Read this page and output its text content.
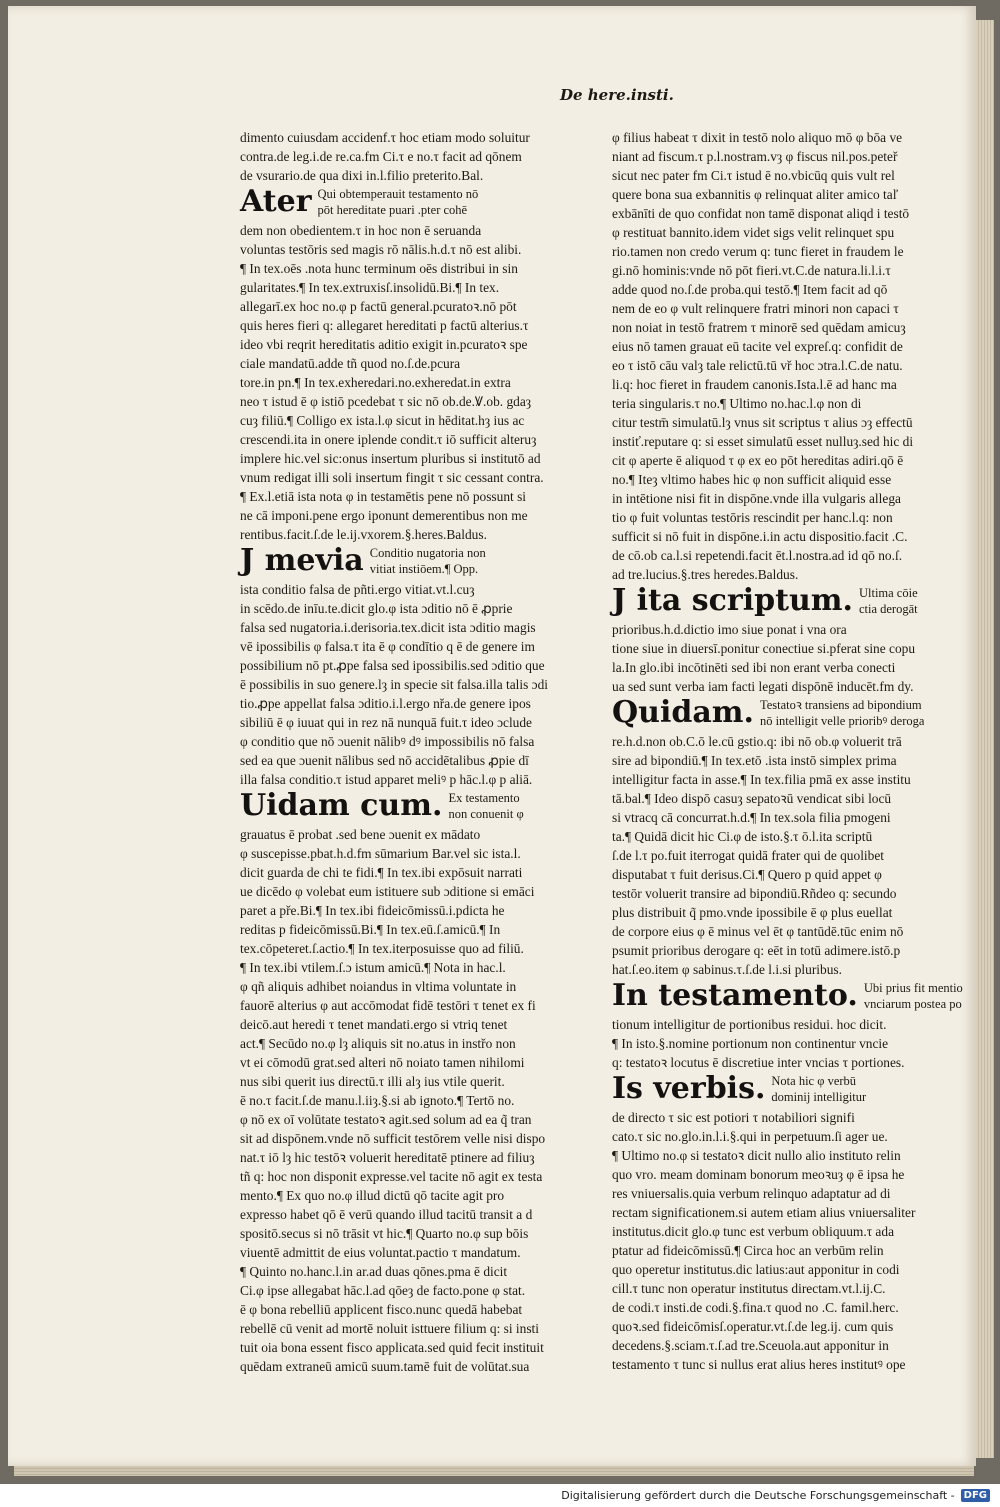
De here.insti.
dimento cuiusdam accidenf.τ hoc etiam modo soluitur
contra.de leg.i.de re.ca.fm Ci.τ e no.τ facit ad qōnem
de vsurario.de qua dixi in.l.filio preterito.Bal.
Ater Qui obtemperauit testamento nō
pōt hereditate puari .pter cohē
dem non obedientem.τ in hoc non ē seruanda
voluntas testōris sed magis rō nālis.h.d.τ nō est alibi.
¶ In tex.oēs .nota hunc terminum oēs distribui in sin
gularitates.¶ In tex.extruxisſ.insolidū.Bi.¶ In tex.
allegarī.ex hoc no.φ p factū general.pcuratoꝛ.nō pōt
quis heres fieri q: allegaret hereditati p factū alterius.τ
ideo vbi reqrit hereditatis aditio exigit in.pcuratoꝛ spe
ciale mandatū.adde tñ quod no.ſ.de.pcura
tore.in pn.¶ In tex.exheredari.no.exheredat.in extra
neo τ istud ē φ istiō pcedebat τ sic nō ob.de.Ꝟ.ob. gdaȝ
cuȝ filiū.¶ Colligo ex ista.l.φ sicut in hēditat.hȝ ius ac
crescendi.ita in onere iplende condit.τ iō sufficit alteruȝ
implere hic.vel sic:onus insertum pluribus si institutō ad
vnum redigat illi soli insertum fingit τ sic cessant contra.
¶ Ex.l.etiā ista nota φ in testamētis pene nō possunt si
ne cā imponi.pene ergo iponunt demerentibus non me
rentibus.facit.ſ.de le.ij.vxorem.§.heres.Baldus.
J mevia Conditio nugatoria non
vitiat instiōem.¶ Opp.
ista conditio falsa de pñti.ergo vitiat.vt.l.cuȝ
in scēdo.de inīu.te.dicit glo.φ ista ɔditio nō ē ꝓprie
falsa sed nugatoria.i.derisoria.tex.dicit ista ɔditio magis
vē ipossibilis φ falsa.τ ita ē φ condītio q ē de genere im
possibilium nō pt.ꝓpe falsa sed ipossibilis.sed ɔditio que
ē possibilis in suo genere.lȝ in specie sit falsa.illa talis ɔdi
tio.ꝓpe appellat falsa ɔditio.i.l.ergo nřa.de genere ipos
sibiliū ē φ iuuat qui in rez nā nunquā fuit.τ ideo ɔclude
φ conditio que nō ɔuenit nālibꝰ dꝰ impossibilis nō falsa
sed ea que ɔuenit nālibus sed nō accidētalibus ꝓpie dī
illa falsa conditio.τ istud apparet meliꝰ p hāc.l.φ p aliā.
Uidam cum. Ex testamento
non conuenit φ
grauatus ē probat .sed bene ɔuenit ex mādato
φ suscepisse.pbat.h.d.fm sūmarium Bar.vel sic ista.l.
dicit guarda de chi te fidi.¶ In tex.ibi expōsuit narrati
ue dicēdo φ volebat eum istituere sub ɔditione si emāci
paret a pře.Bi.¶ In tex.ibi fideicōmissū.i.pdicta he
reditas p fideicōmissū.Bi.¶ In tex.eū.ſ.amicū.¶ In
tex.cōpeteret.ſ.actio.¶ In tex.iterposuisse quo ad filiū.
¶ In tex.ibi vtilem.ſ.ɔ istum amicū.¶ Nota in hac.l.
φ qñ aliquis adhibet noiandus in vltima voluntate in
fauorē alterius φ aut accōmodat fidē testōri τ tenet ex fi
deicō.aut heredi τ tenet mandati.ergo si vtriq tenet
act.¶ Secūdo no.φ lȝ aliquis sit no.atus in instřo non
vt ei cōmodū grat.sed alteri nō noiato tamen nihilomi
nus sibi querit ius directū.τ illi alȝ ius vtile querit.
ē no.τ facit.ſ.de manu.l.iiȝ.§.si ab ignoto.¶ Tertō no.
φ nō ex oī volūtate testatoꝛ agit.sed solum ad ea q̃ tran
sit ad dispōnem.vnde nō sufficit testōrem velle nisi dispo
nat.τ iō lȝ hic testōꝛ voluerit hereditatē ptinere ad filiuȝ
tñ q: hoc non disponit expresse.vel tacite nō agit ex testa
mento.¶ Ex quo no.φ illud dictū qō tacite agit pro
expresso habet qō ē verū quando illud tacitū transit a d
spositō.secus si nō trāsit vt hic.¶ Quarto no.φ sup bōis
viuentē admittit de eius voluntat.pactio τ mandatum.
¶ Quinto no.hanc.l.in ar.ad duas qōnes.pma ē dicit
Ci.φ ipse allegabat hāc.l.ad qōeȝ de facto.pone φ stat.
ē φ bona rebelliū applicent fisco.nunc quedā habebat
rebellē cū venit ad mortē noluit isttuere filium q: si insti
tuit oia bona essent fisco applicata.sed quid fecit instituit
quēdam extraneū amicū suum.tamē fuit de volūtat.sua
φ filius habeat τ dixit in testō nolo aliquo mō φ bōa ve
niant ad fiscum.τ p.l.nostram.vȝ φ fiscus nil.pos.peteř
sicut nec pater fm Ci.τ istud ē no.vbicūq quis vult rel
quere bona sua exbannitis φ relinquat aliter amico taľ
exbānīti de quo confidat non tamē disponat aliqd i testō
φ restituat bannito.idem videt sigs velit relinquet spu
rio.tamen non credo verum q: tunc fieret in fraudem le
gi.nō hominis:vnde nō pōt fieri.vt.C.de natura.li.l.i.τ
adde quod no.ſ.de proba.qui testō.¶ Item facit ad qō
nem de eo φ vult relinquere fratri minori non capaci τ
non noiat in testō fratrem τ minorē sed quēdam amicuȝ
eius nō tamen grauat eū tacite vel expreſ.q: confidit de
eo τ istō cāu valȝ tale relictū.tū vř hoc ɔtra.l.C.de natu.
li.q: hoc fieret in fraudem canonis.Ista.l.ē ad hanc ma
teria singularis.τ no.¶ Ultimo no.hac.l.φ non di
citur testm̄ simulatū.lȝ vnus sit scriptus τ alius ɔȝ effectū
instiť.reputare q: si esset simulatū esset nulluȝ.sed hic di
cit φ aperte ē aliquod τ φ ex eo pōt hereditas adiri.qō ē
no.¶ Iteȝ vltimo habes hic φ non sufficit aliquid esse
in intētione nisi fit in dispōne.vnde illa vulgaris allega
tio φ fuit voluntas testōris rescindit per hanc.l.q: non
sufficit si nō fuit in dispōne.i.in actu dispositio.facit .C.
de cō.ob ca.l.si repetendi.facit ēt.l.nostra.ad id qō no.ſ.
ad tre.lucius.§.tres heredes.Baldus.
J ita scriptum. Ultima cōie
ctia derogāt
prioribus.h.d.dictio imo siue ponat i vna ora
tione siue in diuersī.ponitur conectiue si.pferat sine copu
la.In glo.ibi incōtinēti sed ibi non erant verba conecti
ua sed sunt verba iam facti legati dispōnē inducēt.fm dy.
Quidam. Testatoꝛ transiens ad bipondium
nō intelligit velle prioribꝰ deroga
re.h.d.non ob.C.ō le.cū gstio.q: ibi nō ob.φ voluerit trā
sire ad bipondiū.¶ In tex.etō .ista instō simplex prima
intelligitur facta in asse.¶ In tex.filia pmā ex asse institu
tā.bal.¶ Ideo dispō casuȝ sepatoꝛū vendicat sibi locū
si vtracq cā concurrat.h.d.¶ In tex.sola filia pmogeni
ta.¶ Quidā dicit hic Ci.φ de isto.§.τ ō.l.ita scriptū
ſ.de l.τ po.fuit iterrogat quidā frater qui de quolibet
disputabat τ fuit derisus.Ci.¶ Quero p quid appet φ
testōr voluerit transire ad bipondiū.Rñdeo q: secundo
plus distribuit q̃ pmo.vnde ipossibile ē φ plus euellat
de corpore eius φ ē minus vel ēt φ tantūdē.tūc enim nō
psumit prioribus derogare q: eēt in totū adimere.istō.p
hat.ſ.eo.item φ sabinus.τ.ſ.de l.i.si pluribus.
In testamento. Ubi prius fit mentio
vnciarum postea po
tionum intelligitur de portionibus residui. hoc dicit.
¶ In isto.§.nomine portionum non continentur vncie
q: testatoꝛ locutus ē discretiue inter vncias τ portiones.
Is verbis. Nota hic φ verbū
dominij intelligitur
de directo τ sic est potiori τ notabiliori signifi
cato.τ sic no.glo.in.l.i.§.qui in perpetuum.ſi ager ue.
¶ Ultimo no.φ si testatoꝛ dicit nullo alio instituto relin
quo vro. meam dominam bonorum meoꝛuȝ φ ē ipsa he
res vniuersalis.quia verbum relinquo adaptatur ad di
rectam significationem.si autem etiam alius vniuersaliter
institutus.dicit glo.φ tunc est verbum obliquum.τ ada
ptatur ad fideicōmissū.¶ Circa hoc an verbūm relin
quo operetur institutus.dic latius:aut apponitur in codi
cill.τ tunc non operatur institutus directam.vt.l.ij.C.
de codi.τ insti.de codi.§.fina.τ quod no .C. famil.herc.
quoꝛ.sed fideicōmisſ.operatur.vt.ſ.de leg.ij. cum quis
decedens.§.sciam.τ.ſ.ad tre.Sceuola.aut apponitur in
testamento τ tunc si nullus erat alius heres institutꝰ ope
Digitalisierung gefördert durch die Deutsche Forschungsgemeinschaft - DFG
